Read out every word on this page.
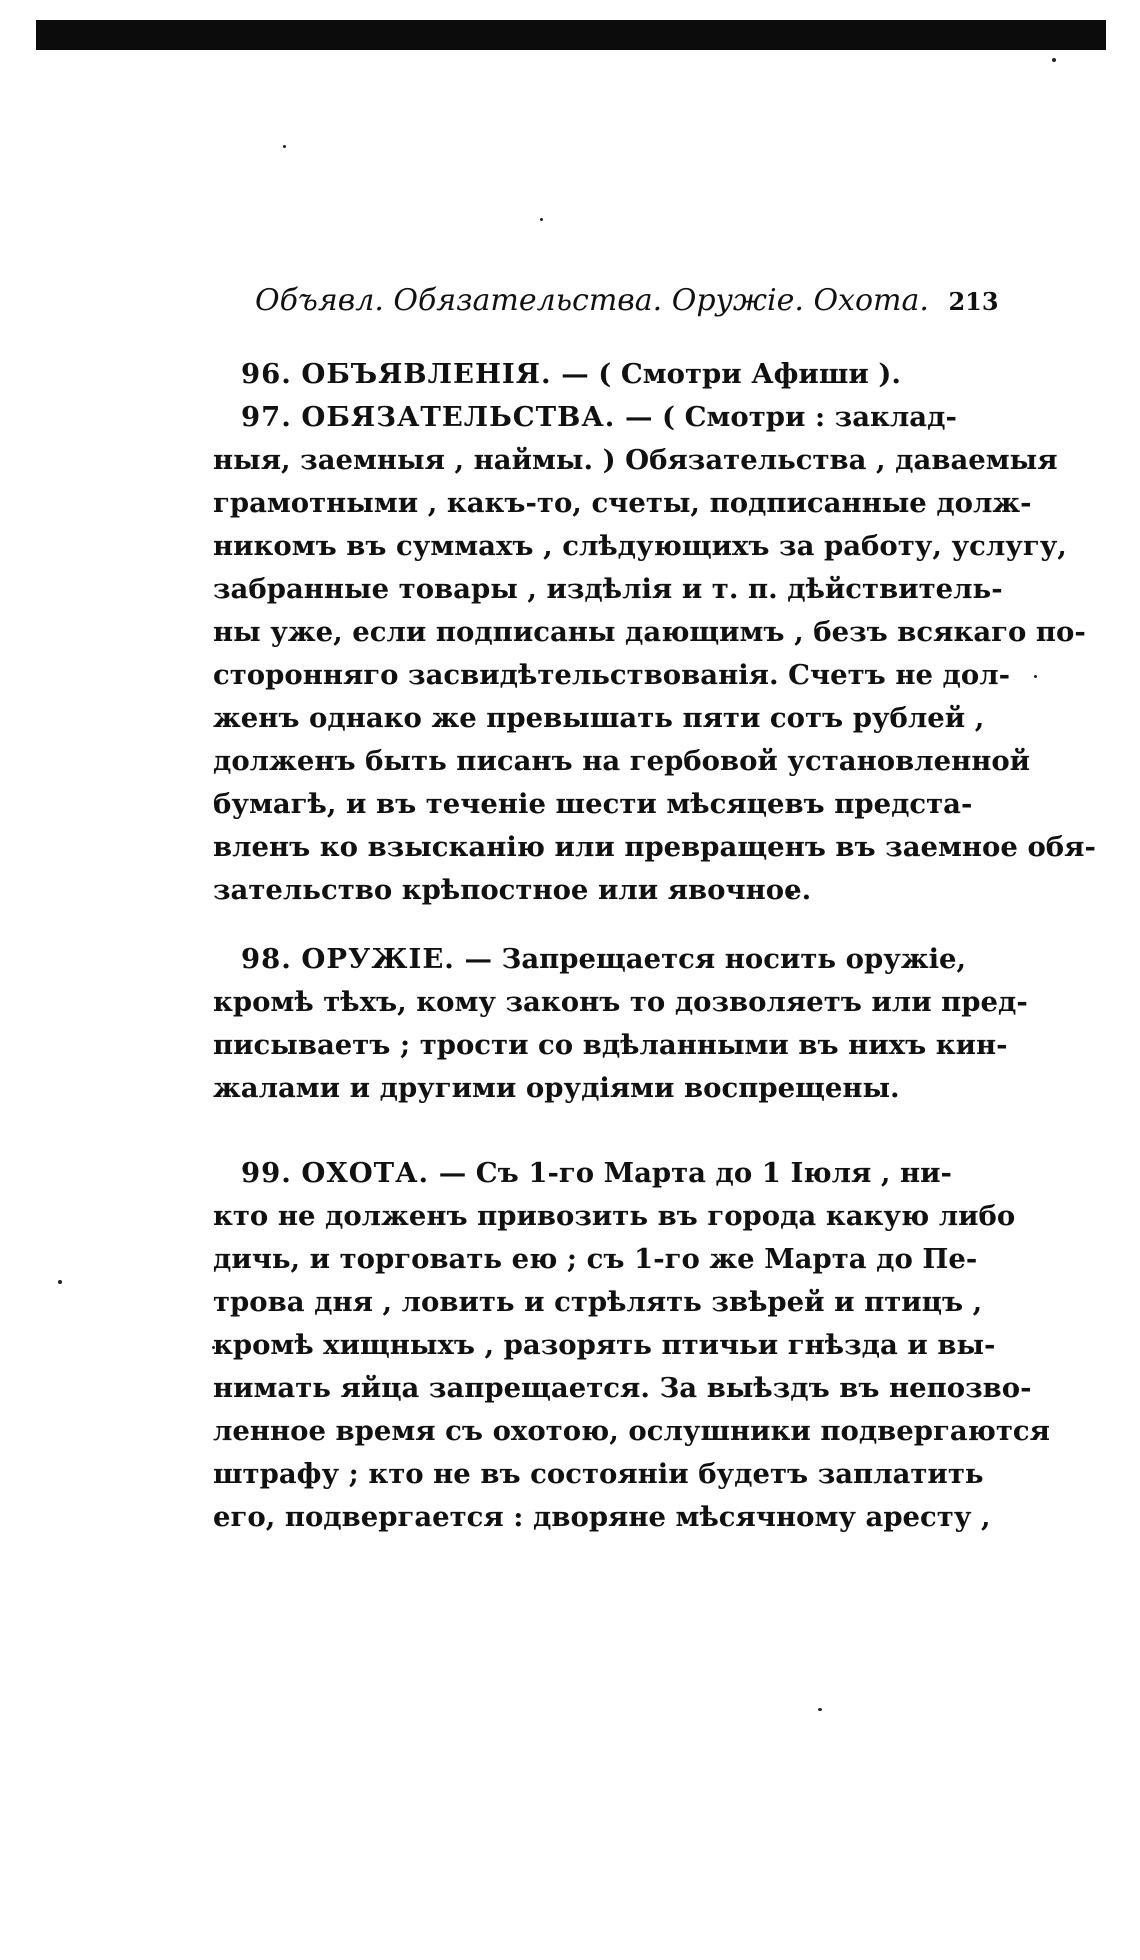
Объявл. Обязательства. Оружіе. Охота. 213
96. ОБЪЯВЛЕНІЯ. — ( Смотри Афиши ).
97. ОБЯЗАТЕЛЬСТВА. — ( Смотри : заклад-
ныя, заемныя , наймы. ) Обязательства , даваемыя
грамотными , какъ-то, счеты, подписанные долж-
никомъ въ суммахъ , слѣдующихъ за работу, услугу,
забранные товары , издѣлія и т. п. дѣйствитель-
ны уже, если подписаны дающимъ , безъ всякаго по-
сторонняго засвидѣтельствованія. Счетъ не дол-
женъ однако же превышать пяти сотъ рублей ,
долженъ быть писанъ на гербовой установленной
бумагѣ, и въ теченіе шести мѣсяцевъ предста-
вленъ ко взысканію или превращенъ въ заемное обя-
зательство крѣпостное или явочное.
98. ОРУЖІЕ. — Запрещается носить оружіе,
кромѣ тѣхъ, кому законъ то дозволяетъ или пред-
писываетъ ; трости со вдѣланными въ нихъ кин-
жалами и другими орудіями воспрещены.
99. ОХОТА. — Съ 1-го Марта до 1 Іюля , ни-
кто не долженъ привозить въ города какую либо
дичь, и торговать ею ; съ 1-го же Марта до Пе-
трова дня , ловить и стрѣлять звѣрей и птицъ ,
кромѣ хищныхъ , разорять птичьи гнѣзда и вы-
нимать яйца запрещается. За выѣздъ въ непозво-
ленное время съ охотою, ослушники подвергаются
штрафу ; кто не въ состояніи будетъ заплатить
его, подвергается : дворяне мѣсячному аресту ,
